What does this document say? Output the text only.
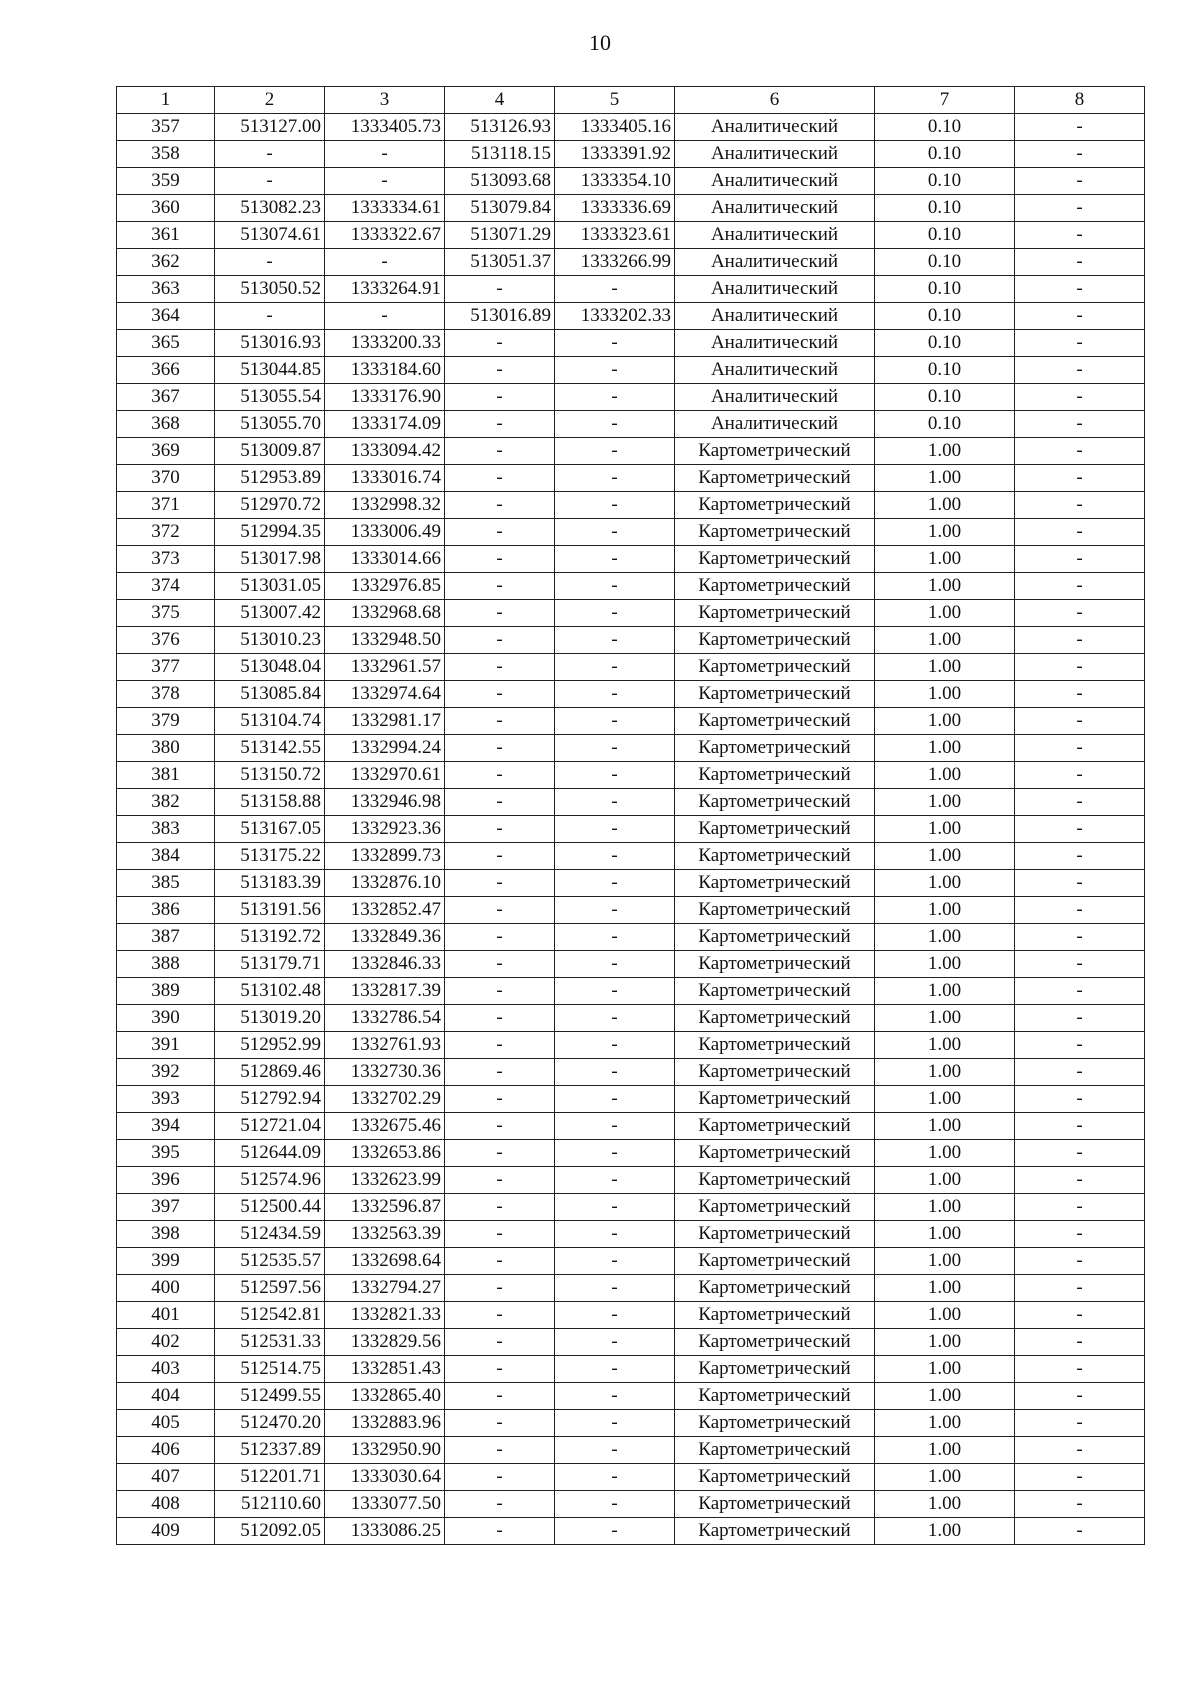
10
1	2	3	4	5	6	7	8
357	513127.00	1333405.73	513126.93	1333405.16	Аналитический	0.10	-
358	-	-	513118.15	1333391.92	Аналитический	0.10	-
359	-	-	513093.68	1333354.10	Аналитический	0.10	-
360	513082.23	1333334.61	513079.84	1333336.69	Аналитический	0.10	-
361	513074.61	1333322.67	513071.29	1333323.61	Аналитический	0.10	-
362	-	-	513051.37	1333266.99	Аналитический	0.10	-
363	513050.52	1333264.91	-	-	Аналитический	0.10	-
364	-	-	513016.89	1333202.33	Аналитический	0.10	-
365	513016.93	1333200.33	-	-	Аналитический	0.10	-
366	513044.85	1333184.60	-	-	Аналитический	0.10	-
367	513055.54	1333176.90	-	-	Аналитический	0.10	-
368	513055.70	1333174.09	-	-	Аналитический	0.10	-
369	513009.87	1333094.42	-	-	Картометрический	1.00	-
370	512953.89	1333016.74	-	-	Картометрический	1.00	-
371	512970.72	1332998.32	-	-	Картометрический	1.00	-
372	512994.35	1333006.49	-	-	Картометрический	1.00	-
373	513017.98	1333014.66	-	-	Картометрический	1.00	-
374	513031.05	1332976.85	-	-	Картометрический	1.00	-
375	513007.42	1332968.68	-	-	Картометрический	1.00	-
376	513010.23	1332948.50	-	-	Картометрический	1.00	-
377	513048.04	1332961.57	-	-	Картометрический	1.00	-
378	513085.84	1332974.64	-	-	Картометрический	1.00	-
379	513104.74	1332981.17	-	-	Картометрический	1.00	-
380	513142.55	1332994.24	-	-	Картометрический	1.00	-
381	513150.72	1332970.61	-	-	Картометрический	1.00	-
382	513158.88	1332946.98	-	-	Картометрический	1.00	-
383	513167.05	1332923.36	-	-	Картометрический	1.00	-
384	513175.22	1332899.73	-	-	Картометрический	1.00	-
385	513183.39	1332876.10	-	-	Картометрический	1.00	-
386	513191.56	1332852.47	-	-	Картометрический	1.00	-
387	513192.72	1332849.36	-	-	Картометрический	1.00	-
388	513179.71	1332846.33	-	-	Картометрический	1.00	-
389	513102.48	1332817.39	-	-	Картометрический	1.00	-
390	513019.20	1332786.54	-	-	Картометрический	1.00	-
391	512952.99	1332761.93	-	-	Картометрический	1.00	-
392	512869.46	1332730.36	-	-	Картометрический	1.00	-
393	512792.94	1332702.29	-	-	Картометрический	1.00	-
394	512721.04	1332675.46	-	-	Картометрический	1.00	-
395	512644.09	1332653.86	-	-	Картометрический	1.00	-
396	512574.96	1332623.99	-	-	Картометрический	1.00	-
397	512500.44	1332596.87	-	-	Картометрический	1.00	-
398	512434.59	1332563.39	-	-	Картометрический	1.00	-
399	512535.57	1332698.64	-	-	Картометрический	1.00	-
400	512597.56	1332794.27	-	-	Картометрический	1.00	-
401	512542.81	1332821.33	-	-	Картометрический	1.00	-
402	512531.33	1332829.56	-	-	Картометрический	1.00	-
403	512514.75	1332851.43	-	-	Картометрический	1.00	-
404	512499.55	1332865.40	-	-	Картометрический	1.00	-
405	512470.20	1332883.96	-	-	Картометрический	1.00	-
406	512337.89	1332950.90	-	-	Картометрический	1.00	-
407	512201.71	1333030.64	-	-	Картометрический	1.00	-
408	512110.60	1333077.50	-	-	Картометрический	1.00	-
409	512092.05	1333086.25	-	-	Картометрический	1.00	-
